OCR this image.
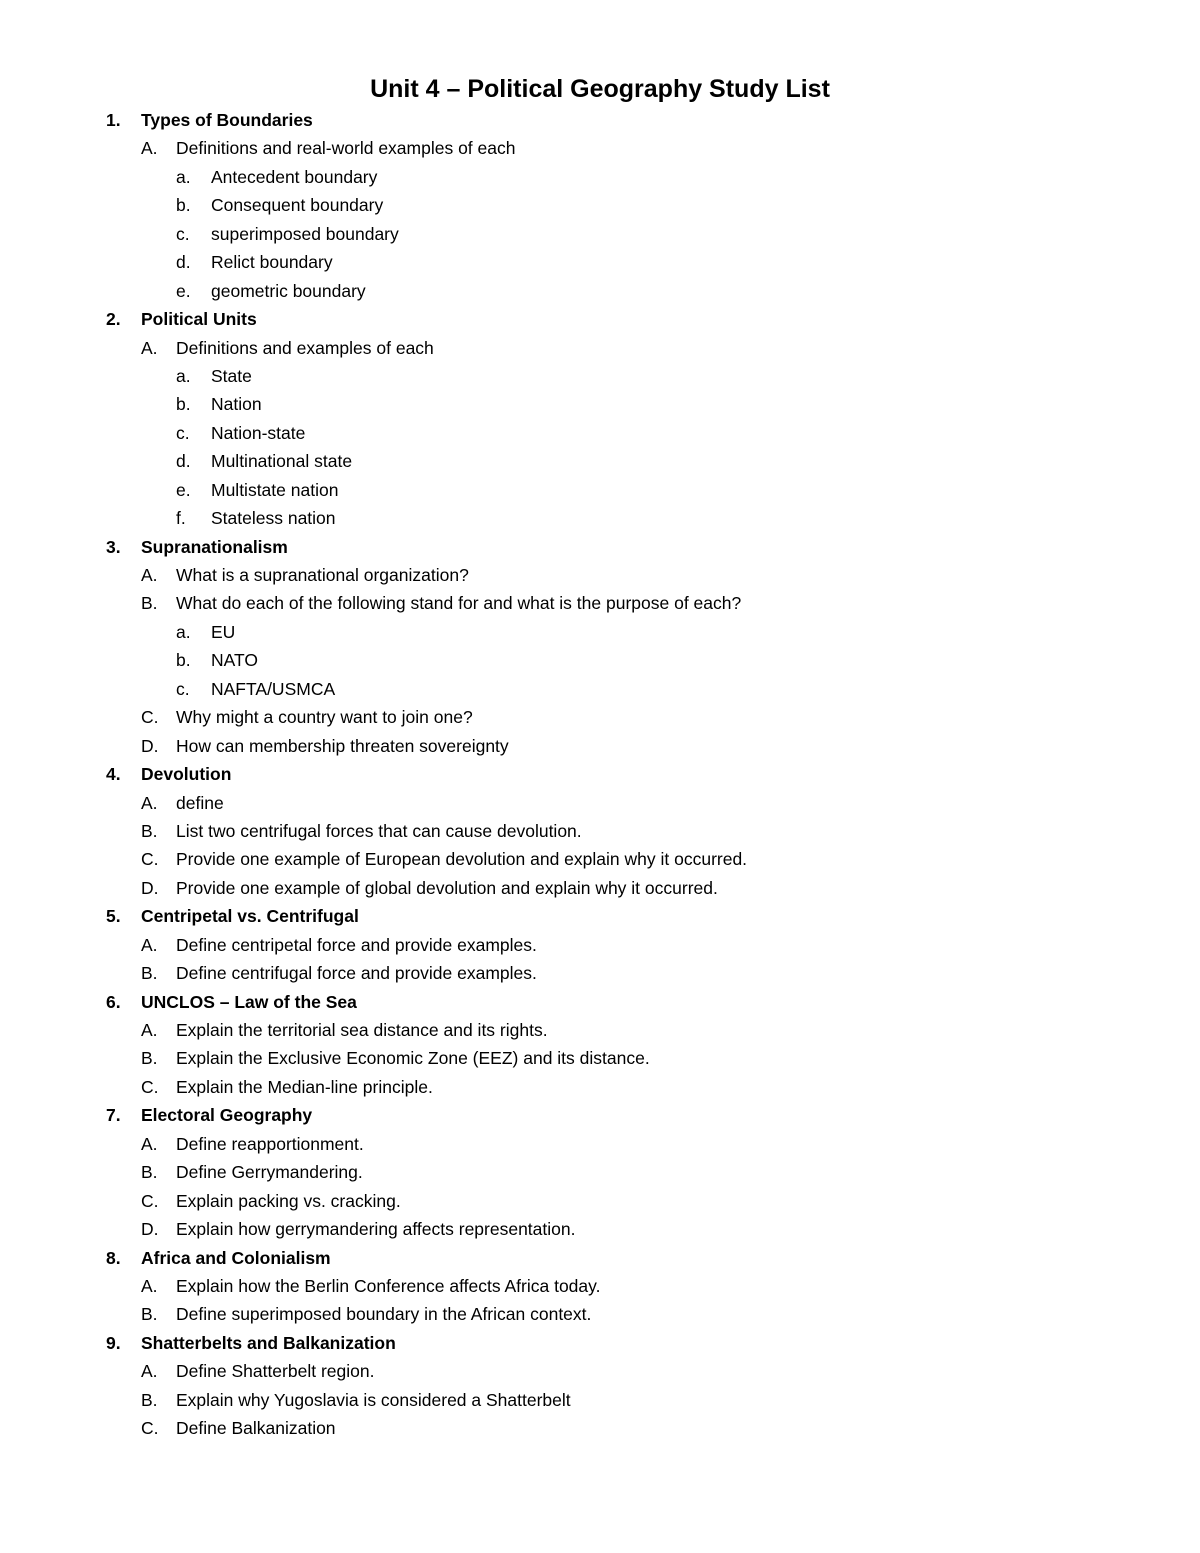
Unit 4 – Political Geography Study List
1. Types of Boundaries
A. Definitions and real-world examples of each
a. Antecedent boundary
b. Consequent boundary
c. superimposed boundary
d. Relict boundary
e. geometric boundary
2. Political Units
A. Definitions and examples of each
a. State
b. Nation
c. Nation-state
d. Multinational state
e. Multistate nation
f. Stateless nation
3. Supranationalism
A. What is a supranational organization?
B. What do each of the following stand for and what is the purpose of each?
a. EU
b. NATO
c. NAFTA/USMCA
C. Why might a country want to join one?
D. How can membership threaten sovereignty
4. Devolution
A. define
B. List two centrifugal forces that can cause devolution.
C. Provide one example of European devolution and explain why it occurred.
D. Provide one example of global devolution and explain why it occurred.
5. Centripetal vs. Centrifugal
A. Define centripetal force and provide examples.
B. Define centrifugal force and provide examples.
6. UNCLOS – Law of the Sea
A. Explain the territorial sea distance and its rights.
B. Explain the Exclusive Economic Zone (EEZ) and its distance.
C. Explain the Median-line principle.
7. Electoral Geography
A. Define reapportionment.
B. Define Gerrymandering.
C. Explain packing vs. cracking.
D. Explain how gerrymandering affects representation.
8. Africa and Colonialism
A. Explain how the Berlin Conference affects Africa today.
B. Define superimposed boundary in the African context.
9. Shatterbelts and Balkanization
A. Define Shatterbelt region.
B. Explain why Yugoslavia is considered a Shatterbelt
C. Define Balkanization
